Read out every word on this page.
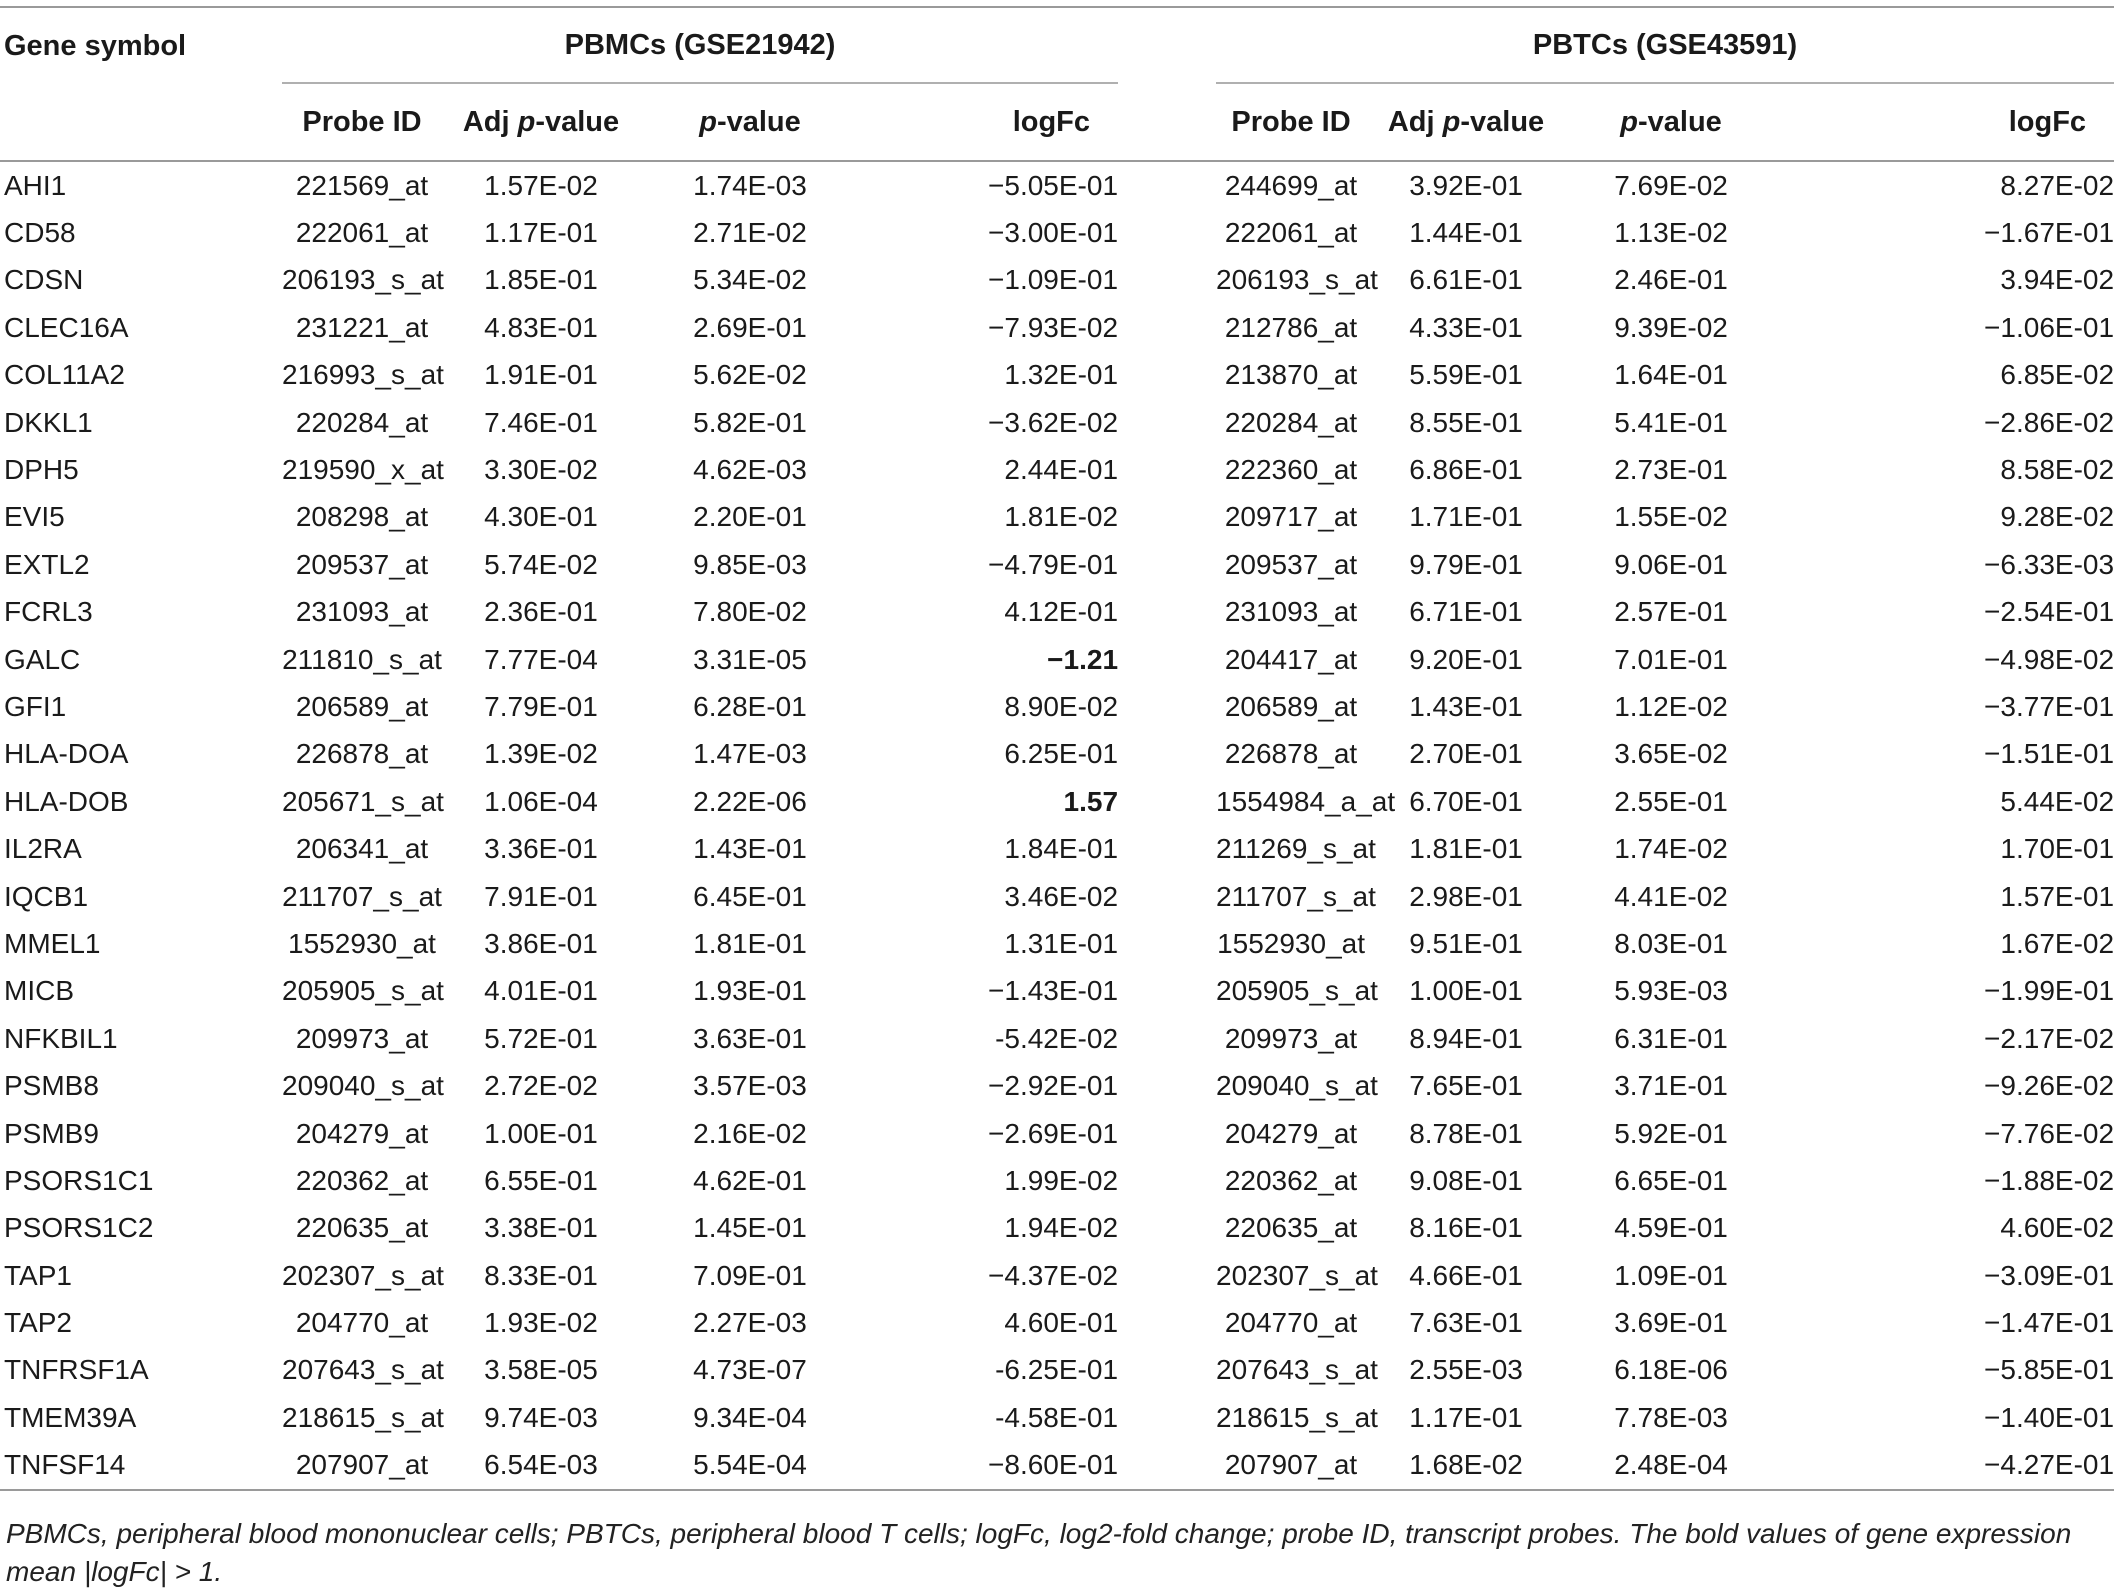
Gene symbol	PBMCs (GSE21942)					PBTCs (GSE43591)			

	Probe ID	Adj p-value	p-value	logFc		Probe ID	Adj p-value	p-value	logFc
AHI1	221569_at	1.57E-02	1.74E-03	−5.05E-01		244699_at	3.92E-01	7.69E-02	8.27E-02
CD58	222061_at	1.17E-01	2.71E-02	−3.00E-01		222061_at	1.44E-01	1.13E-02	−1.67E-01
CDSN	206193_s_at	1.85E-01	5.34E-02	−1.09E-01		206193_s_at	6.61E-01	2.46E-01	3.94E-02
CLEC16A	231221_at	4.83E-01	2.69E-01	−7.93E-02		212786_at	4.33E-01	9.39E-02	−1.06E-01
COL11A2	216993_s_at	1.91E-01	5.62E-02	1.32E-01		213870_at	5.59E-01	1.64E-01	6.85E-02
DKKL1	220284_at	7.46E-01	5.82E-01	−3.62E-02		220284_at	8.55E-01	5.41E-01	−2.86E-02
DPH5	219590_x_at	3.30E-02	4.62E-03	2.44E-01		222360_at	6.86E-01	2.73E-01	8.58E-02
EVI5	208298_at	4.30E-01	2.20E-01	1.81E-02		209717_at	1.71E-01	1.55E-02	9.28E-02
EXTL2	209537_at	5.74E-02	9.85E-03	−4.79E-01		209537_at	9.79E-01	9.06E-01	−6.33E-03
FCRL3	231093_at	2.36E-01	7.80E-02	4.12E-01		231093_at	6.71E-01	2.57E-01	−2.54E-01
GALC	211810_s_at	7.77E-04	3.31E-05	−1.21		204417_at	9.20E-01	7.01E-01	−4.98E-02
GFI1	206589_at	7.79E-01	6.28E-01	8.90E-02		206589_at	1.43E-01	1.12E-02	−3.77E-01
HLA-DOA	226878_at	1.39E-02	1.47E-03	6.25E-01		226878_at	2.70E-01	3.65E-02	−1.51E-01
HLA-DOB	205671_s_at	1.06E-04	2.22E-06	1.57		1554984_a_at	6.70E-01	2.55E-01	5.44E-02
IL2RA	206341_at	3.36E-01	1.43E-01	1.84E-01		211269_s_at	1.81E-01	1.74E-02	1.70E-01
IQCB1	211707_s_at	7.91E-01	6.45E-01	3.46E-02		211707_s_at	2.98E-01	4.41E-02	1.57E-01
MMEL1	1552930_at	3.86E-01	1.81E-01	1.31E-01		1552930_at	9.51E-01	8.03E-01	1.67E-02
MICB	205905_s_at	4.01E-01	1.93E-01	−1.43E-01		205905_s_at	1.00E-01	5.93E-03	−1.99E-01
NFKBIL1	209973_at	5.72E-01	3.63E-01	-5.42E-02		209973_at	8.94E-01	6.31E-01	−2.17E-02
PSMB8	209040_s_at	2.72E-02	3.57E-03	−2.92E-01		209040_s_at	7.65E-01	3.71E-01	−9.26E-02
PSMB9	204279_at	1.00E-01	2.16E-02	−2.69E-01		204279_at	8.78E-01	5.92E-01	−7.76E-02
PSORS1C1	220362_at	6.55E-01	4.62E-01	1.99E-02		220362_at	9.08E-01	6.65E-01	−1.88E-02
PSORS1C2	220635_at	3.38E-01	1.45E-01	1.94E-02		220635_at	8.16E-01	4.59E-01	4.60E-02
TAP1	202307_s_at	8.33E-01	7.09E-01	−4.37E-02		202307_s_at	4.66E-01	1.09E-01	−3.09E-01
TAP2	204770_at	1.93E-02	2.27E-03	4.60E-01		204770_at	7.63E-01	3.69E-01	−1.47E-01
TNFRSF1A	207643_s_at	3.58E-05	4.73E-07	-6.25E-01		207643_s_at	2.55E-03	6.18E-06	−5.85E-01
TMEM39A	218615_s_at	9.74E-03	9.34E-04	-4.58E-01		218615_s_at	1.17E-01	7.78E-03	−1.40E-01
TNFSF14	207907_at	6.54E-03	5.54E-04	−8.60E-01		207907_at	1.68E-02	2.48E-04	−4.27E-01
PBMCs, peripheral blood mononuclear cells; PBTCs, peripheral blood T cells; logFc, log2-fold change; probe ID, transcript probes. The bold values of gene expression mean |logFc| > 1.
